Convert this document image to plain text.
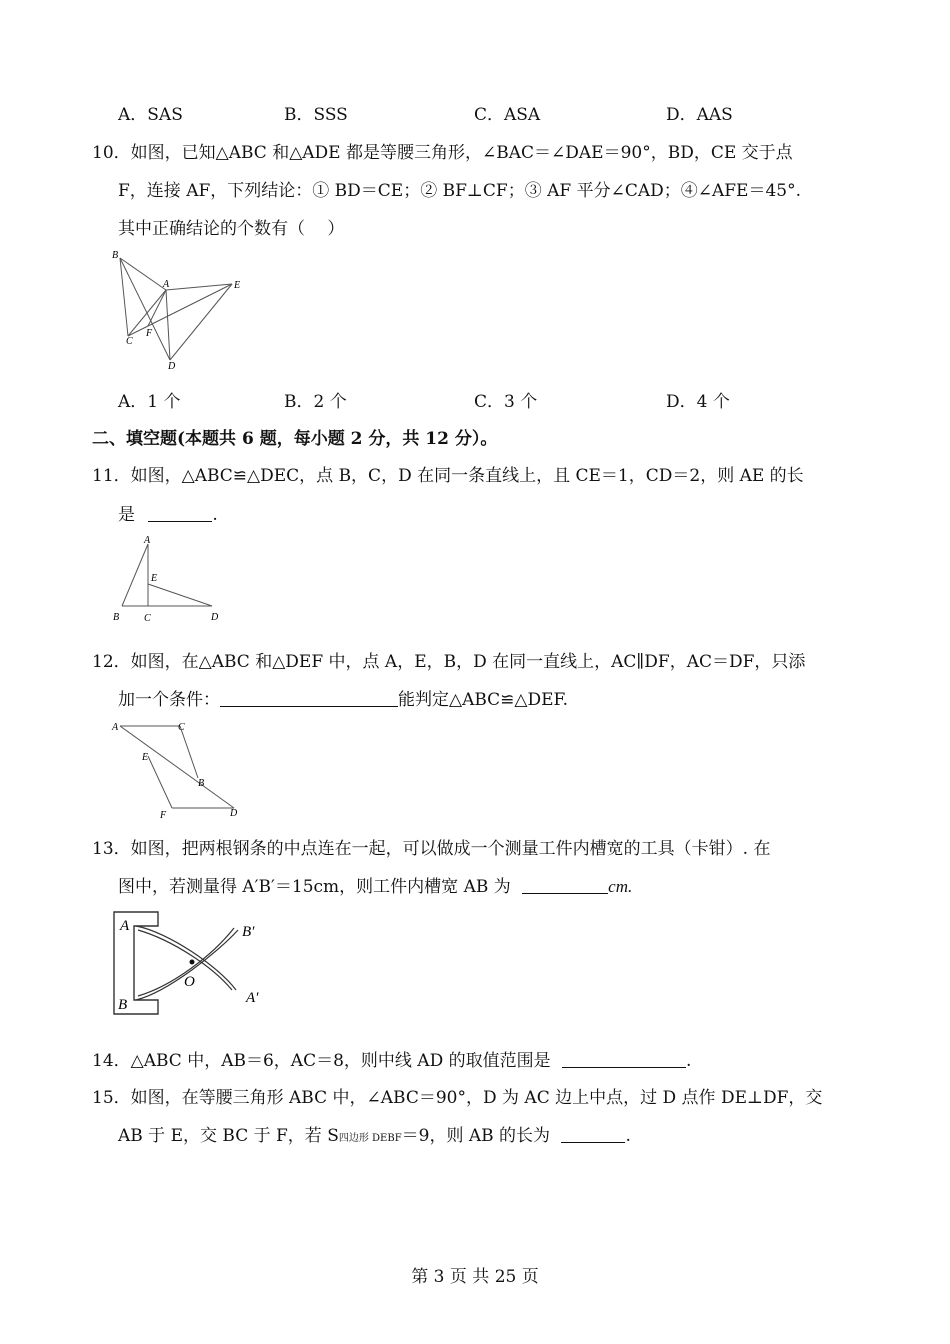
A．SAS	B．SSS	C．ASA	D．AAS
10．如图，已知△ABC 和△ADE 都是等腰三角形，∠BAC＝∠DAE＝90°，BD，CE 交于点
F，连接 AF，下列结论：① BD＝CE；② BF⊥CF；③ AF 平分∠CAD；④∠AFE＝45°.
其中正确结论的个数有（　 ）
B
A	E
C
F
D
A．1 个	B．2 个	C．3 个	D．4 个
二、填空题(本题共 6 题，每小题 2 分，共 12 分）。
11．如图，△ABC≌△DEC，点 B，C，D 在同一条直线上，且 CE＝1，CD＝2，则 AE 的长
是	.
A
E
B C	D
12．如图，在△ABC 和△DEF 中，点 A，E，B，D 在同一直线上，AC∥DF，AC＝DF，只添
加一个条件：	能判定△ABC≌△DEF.
A	C
E
B
F	D
13．如图，把两根钢条的中点连在一起，可以做成一个测量工件内槽宽的工具（卡钳）. 在
图中，若测量得 A′B′＝15cm，则工件内槽宽 AB 为	cm.
A	B′
O
B	A′
14．△ABC 中，AB＝6，AC＝8，则中线 AD 的取值范围是	.
15．如图，在等腰三角形 ABC 中，∠ABC＝90°，D 为 AC 边上中点，过 D 点作 DE⊥DF，交
AB 于 E，交 BC 于 F，若 S四边形 DEBF＝9，则 AB 的长为	.
第 3 页 共 25 页
